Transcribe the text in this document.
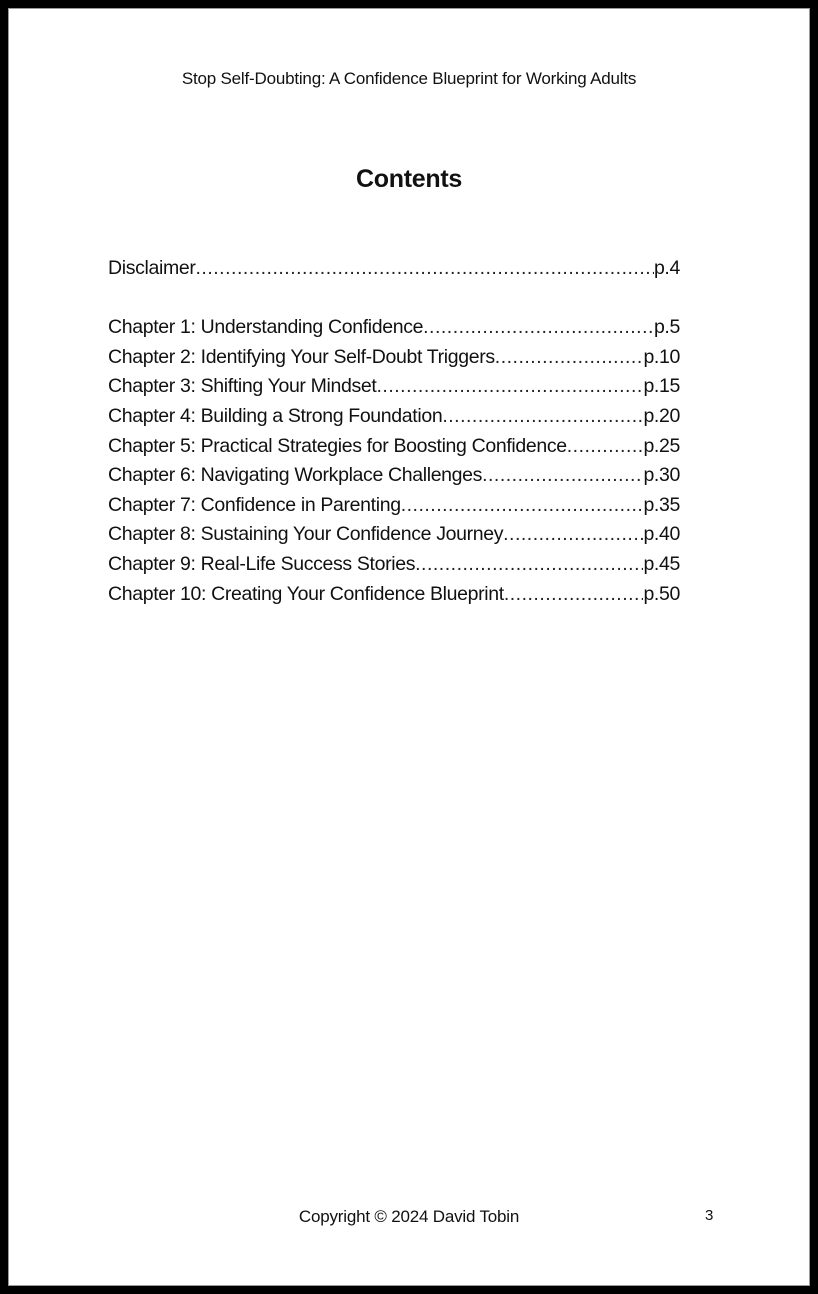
Stop Self-Doubting: A Confidence Blueprint for Working Adults
Contents
Disclaimer .....	p.4
Chapter 1: Understanding Confidence .....	p.5
Chapter 2: Identifying Your Self-Doubt Triggers .....	p.10
Chapter 3: Shifting Your Mindset .....	p.15
Chapter 4: Building a Strong Foundation .....	p.20
Chapter 5: Practical Strategies for Boosting Confidence .....	p.25
Chapter 6: Navigating Workplace Challenges .....	p.30
Chapter 7: Confidence in Parenting .....	p.35
Chapter 8: Sustaining Your Confidence Journey .....	p.40
Chapter 9: Real-Life Success Stories .....	p.45
Chapter 10: Creating Your Confidence Blueprint .....	p.50
Copyright © 2024 David Tobin	3
